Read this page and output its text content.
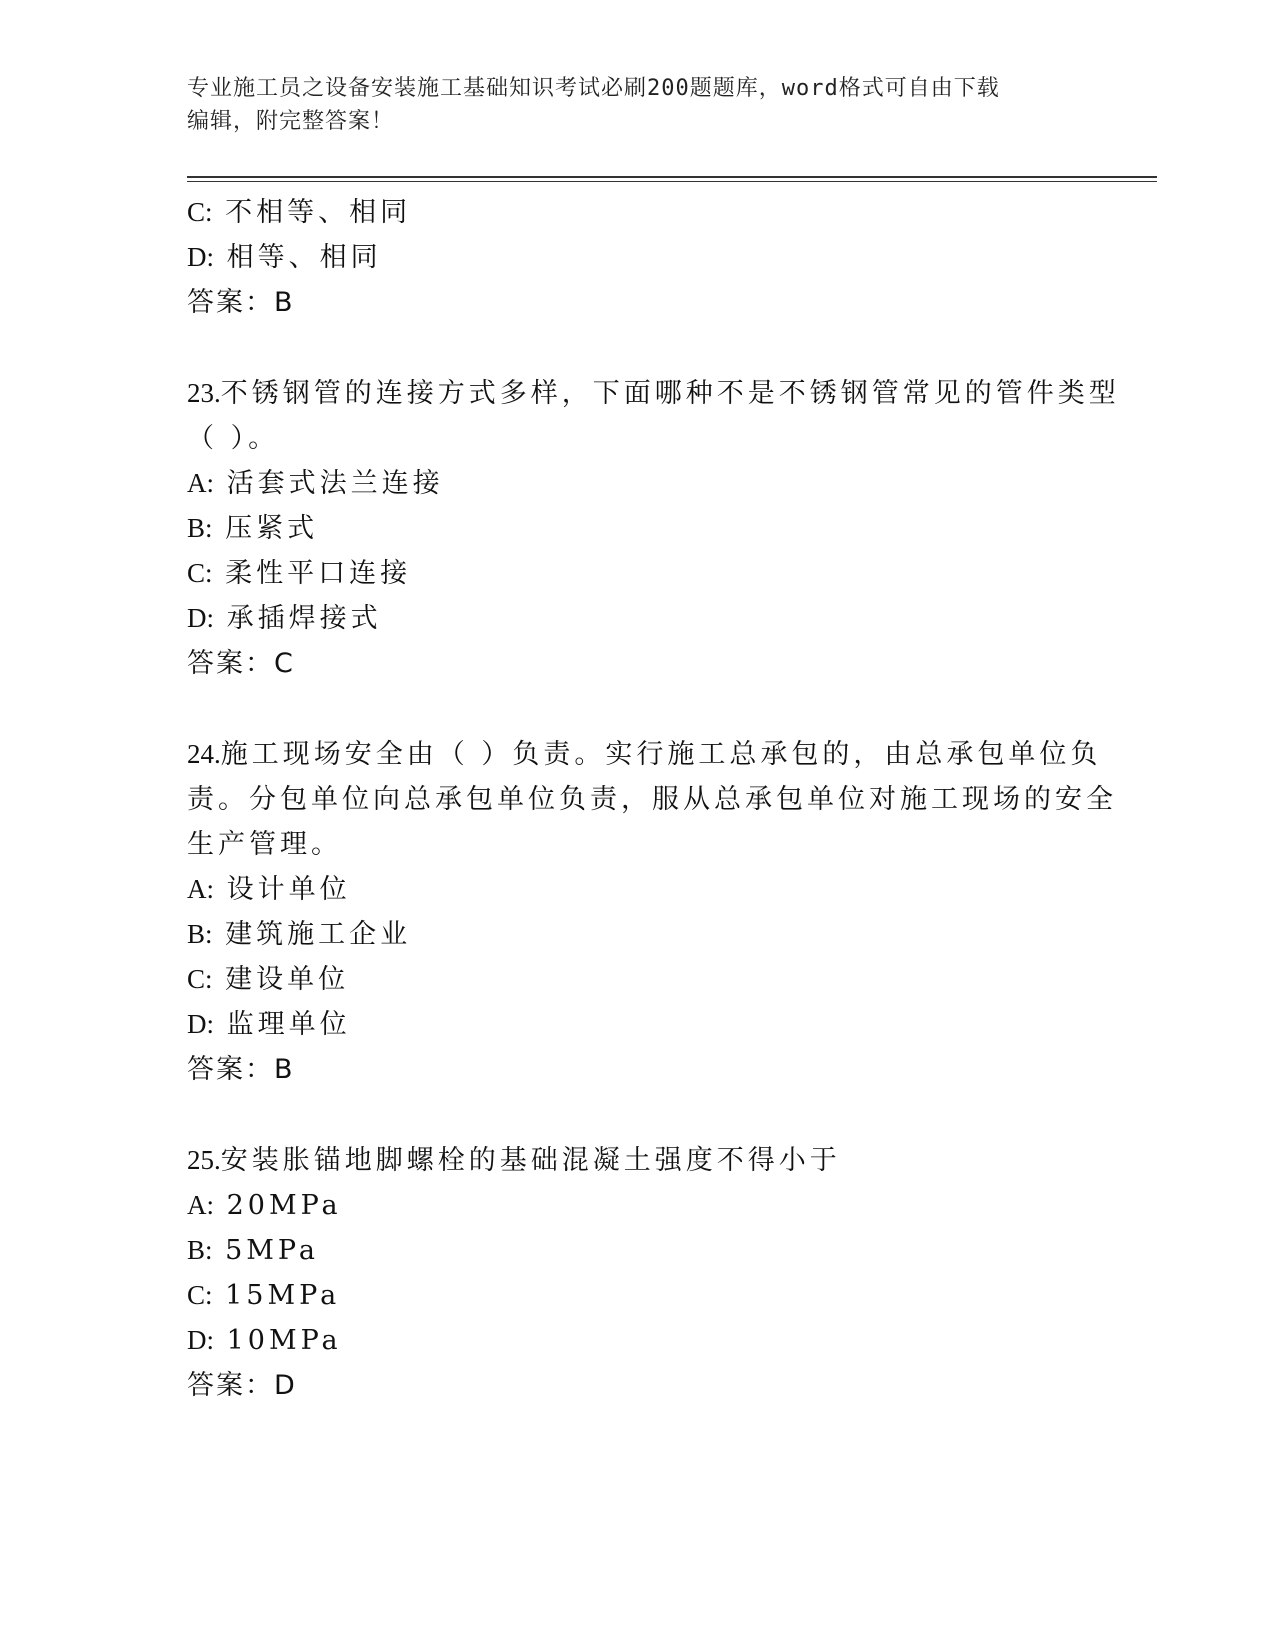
专业施工员之设备安装施工基础知识考试必刷200题题库，word格式可自由下载
编辑，附完整答案！
C: 不相等、相同
D: 相等、相同
答案：B
23.不锈钢管的连接方式多样，下面哪种不是不锈钢管常见的管件类型
（ ）。
A: 活套式法兰连接
B: 压紧式
C: 柔性平口连接
D: 承插焊接式
答案：C
24.施工现场安全由（ ）负责。实行施工总承包的，由总承包单位负
责。分包单位向总承包单位负责，服从总承包单位对施工现场的安全
生产管理。
A: 设计单位
B: 建筑施工企业
C: 建设单位
D: 监理单位
答案：B
25.安装胀锚地脚螺栓的基础混凝土强度不得小于
A: 20MPa
B: 5MPa
C: 15MPa
D: 10MPa
答案：D
